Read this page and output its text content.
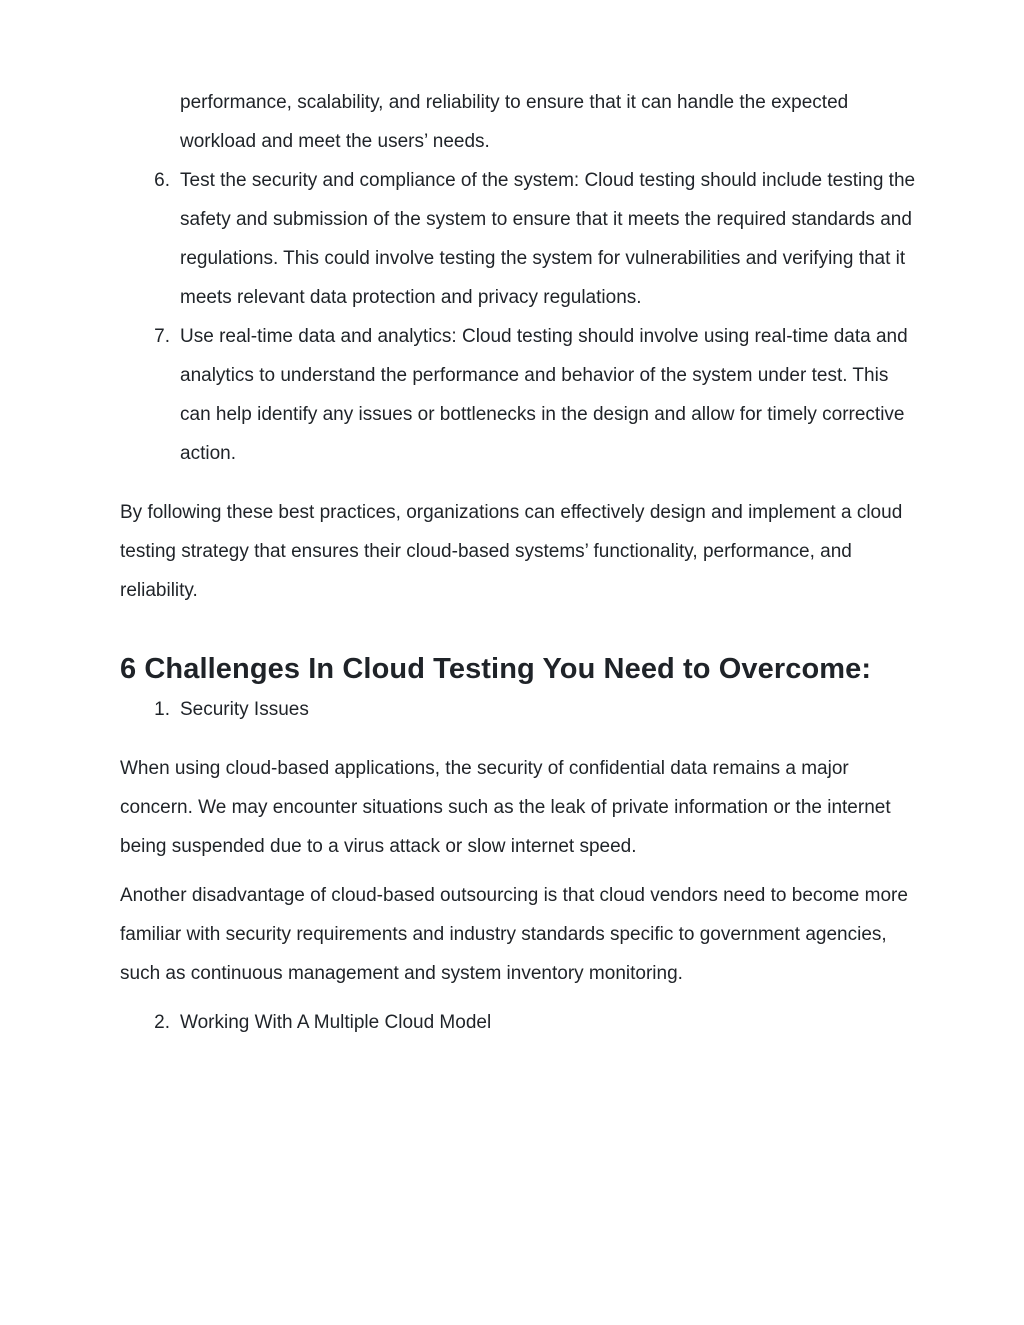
performance, scalability, and reliability to ensure that it can handle the expected workload and meet the users’ needs.
6. Test the security and compliance of the system: Cloud testing should include testing the safety and submission of the system to ensure that it meets the required standards and regulations. This could involve testing the system for vulnerabilities and verifying that it meets relevant data protection and privacy regulations.
7. Use real-time data and analytics: Cloud testing should involve using real-time data and analytics to understand the performance and behavior of the system under test. This can help identify any issues or bottlenecks in the design and allow for timely corrective action.

By following these best practices, organizations can effectively design and implement a cloud testing strategy that ensures their cloud-based systems’ functionality, performance, and reliability.

6 Challenges In Cloud Testing You Need to Overcome:
1. Security Issues

When using cloud-based applications, the security of confidential data remains a major concern. We may encounter situations such as the leak of private information or the internet being suspended due to a virus attack or slow internet speed.

Another disadvantage of cloud-based outsourcing is that cloud vendors need to become more familiar with security requirements and industry standards specific to government agencies, such as continuous management and system inventory monitoring.

2. Working With A Multiple Cloud Model
